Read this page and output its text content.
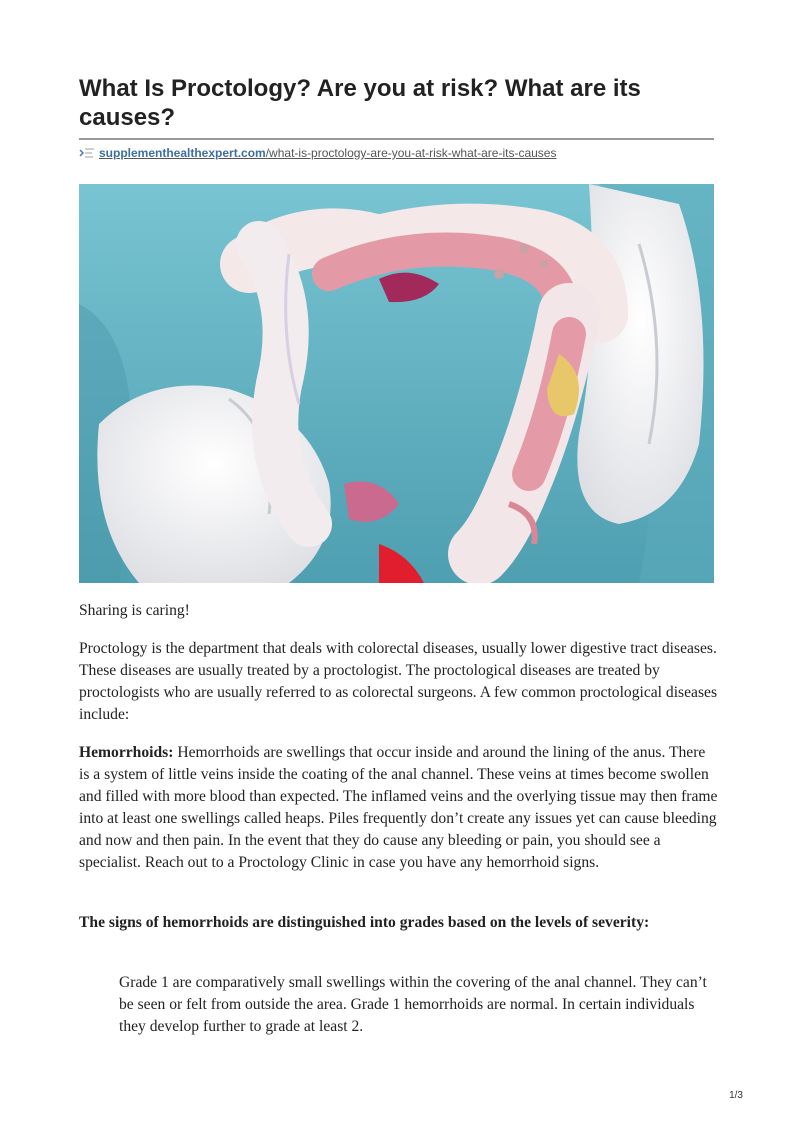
What Is Proctology? Are you at risk? What are its causes?
supplementhealthexpert.com/what-is-proctology-are-you-at-risk-what-are-its-causes

Sharing is caring!

Proctology is the department that deals with colorectal diseases, usually lower digestive tract diseases. These diseases are usually treated by a proctologist. The proctological diseases are treated by proctologists who are usually referred to as colorectal surgeons. A few common proctological diseases include:

Hemorrhoids: Hemorrhoids are swellings that occur inside and around the lining of the anus. There is a system of little veins inside the coating of the anal channel. These veins at times become swollen and filled with more blood than expected. The inflamed veins and the overlying tissue may then frame into at least one swellings called heaps. Piles frequently don’t create any issues yet can cause bleeding and now and then pain. In the event that they do cause any bleeding or pain, you should see a specialist. Reach out to a Proctology Clinic in case you have any hemorrhoid signs.

The signs of hemorrhoids are distinguished into grades based on the levels of severity:

Grade 1 are comparatively small swellings within the covering of the anal channel. They can’t be seen or felt from outside the area. Grade 1 hemorrhoids are normal. In certain individuals they develop further to grade at least 2.

1/3
